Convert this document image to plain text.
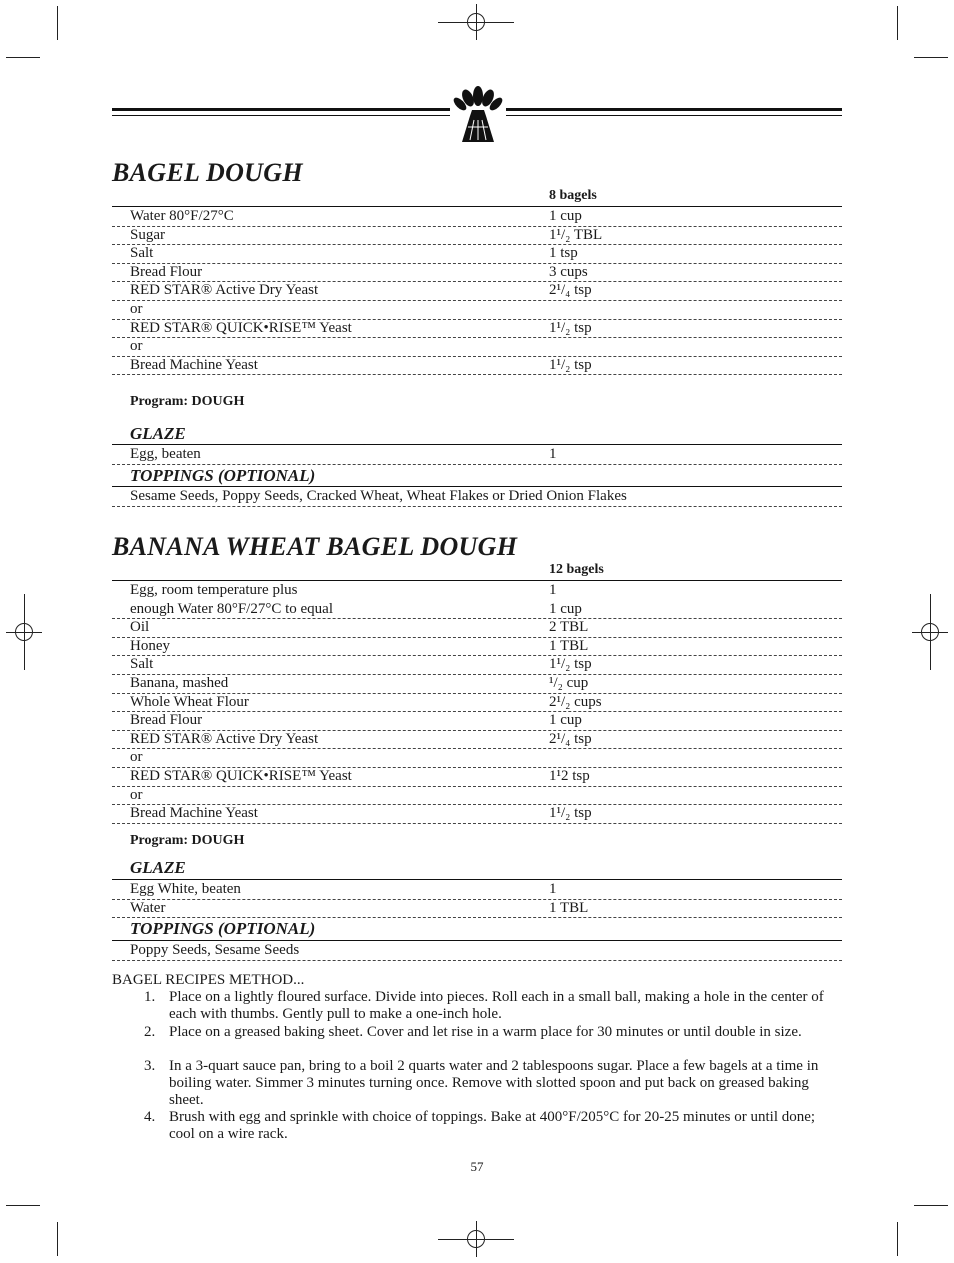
BAGEL DOUGH
8 bagels
Water 80°F/27°C	1 cup
Sugar	1¹/₂ TBL
Salt	1 tsp
Bread Flour	3 cups
RED STAR® Active Dry Yeast	2¹/₄ tsp
or
RED STAR® QUICK•RISE™ Yeast	1¹/₂ tsp
or
Bread Machine Yeast	1¹/₂ tsp
Program: DOUGH
GLAZE
Egg, beaten	1
TOPPINGS (OPTIONAL)
Sesame Seeds, Poppy Seeds, Cracked Wheat, Wheat Flakes or Dried Onion Flakes
BANANA WHEAT BAGEL DOUGH
12 bagels
Egg, room temperature plus	1
enough Water 80°F/27°C to equal	1 cup
Oil	2 TBL
Honey	1 TBL
Salt	1¹/₂ tsp
Banana, mashed	¹/₂ cup
Whole Wheat Flour	2¹/₂ cups
Bread Flour	1 cup
RED STAR® Active Dry Yeast	2¹/₄ tsp
or
RED STAR® QUICK•RISE™ Yeast	1¹2 tsp
or
Bread Machine Yeast	1¹/₂ tsp
Program: DOUGH
GLAZE
Egg White, beaten	1
Water	1 TBL
TOPPINGS (OPTIONAL)
Poppy Seeds, Sesame Seeds
BAGEL RECIPES METHOD...
1. Place on a lightly floured surface. Divide into pieces. Roll each in a small ball, making a hole in the center of each with thumbs. Gently pull to make a one-inch hole.
2. Place on a greased baking sheet. Cover and let rise in a warm place for 30 minutes or until double in size.
3. In a 3-quart sauce pan, bring to a boil 2 quarts water and 2 tablespoons sugar. Place a few bagels at a time in boiling water. Simmer 3 minutes turning once. Remove with slotted spoon and put back on greased baking sheet.
4. Brush with egg and sprinkle with choice of toppings. Bake at 400°F/205°C for 20-25 minutes or until done; cool on a wire rack.
57
